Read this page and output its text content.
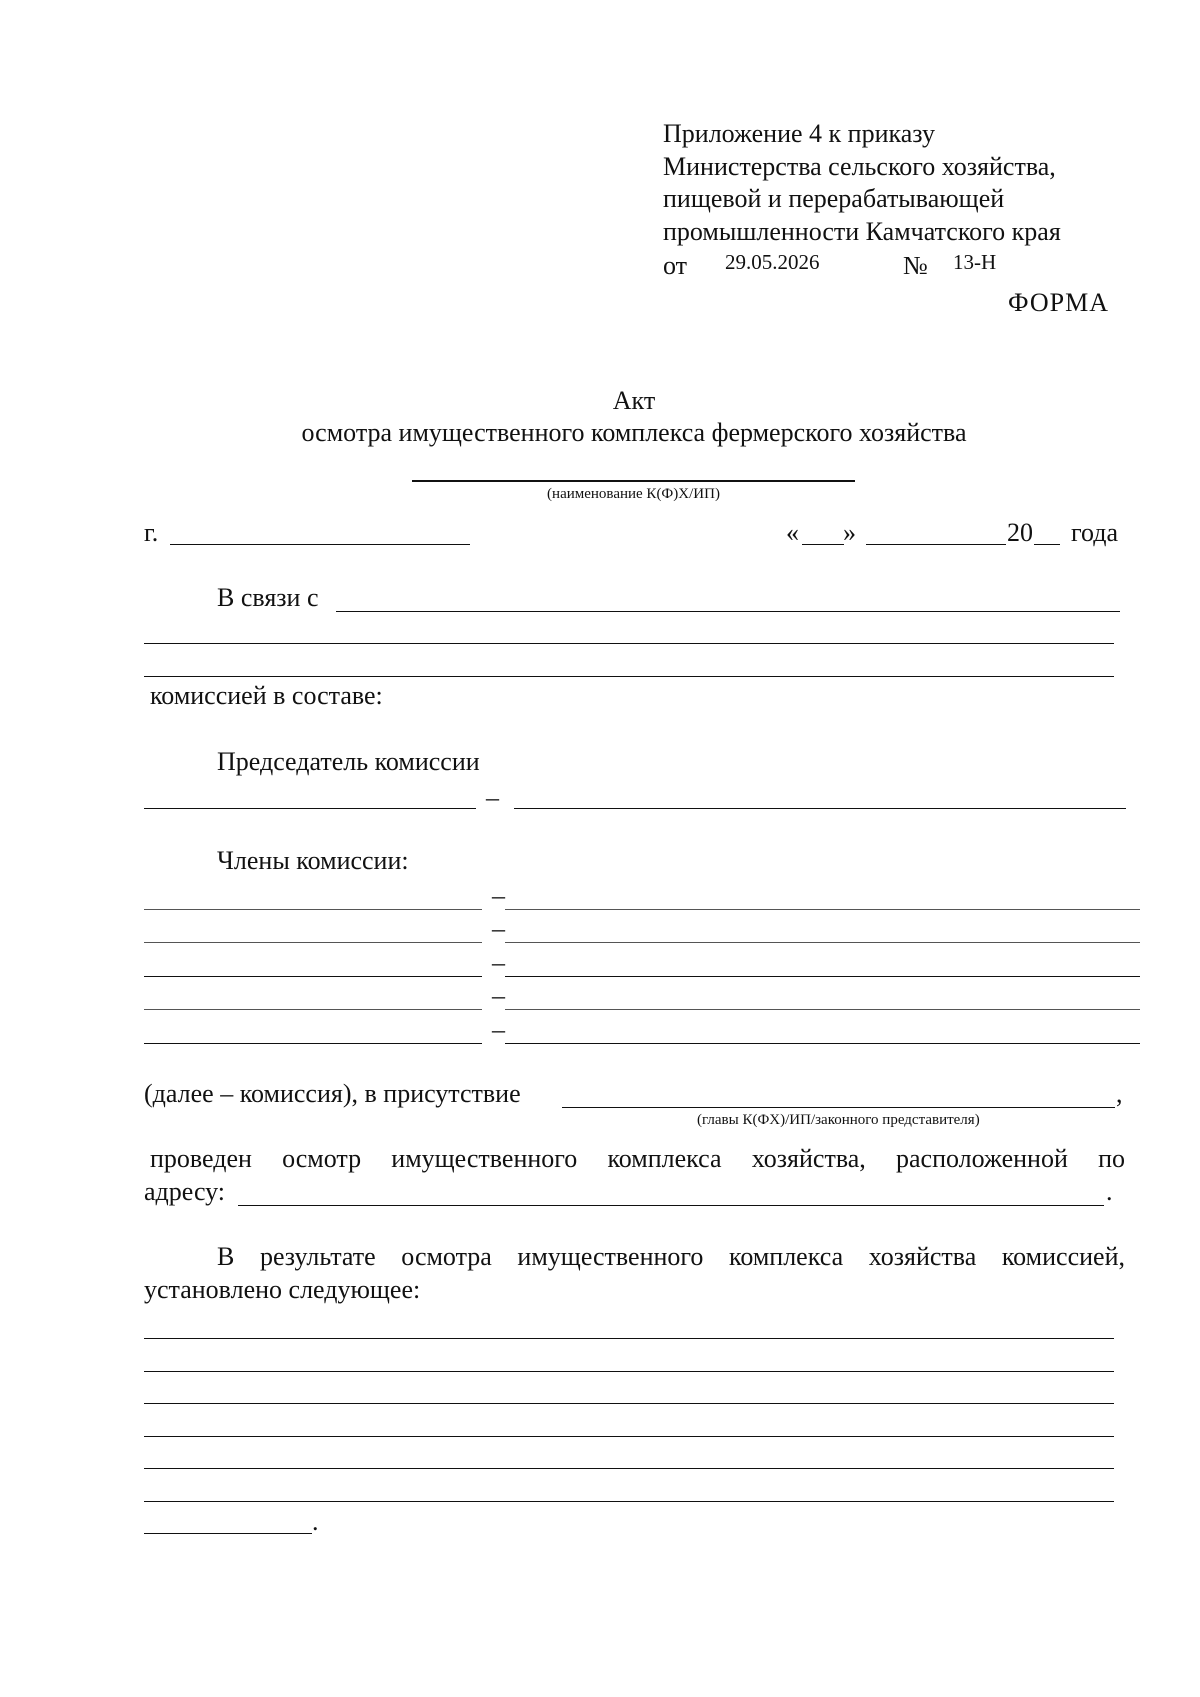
Приложение 4 к приказу
Министерства сельского хозяйства,
пищевой и перерабатывающей
промышленности Камчатского края
от 29.05.2026	№ 13-Н
ФОРМА
Акт
осмотра имущественного комплекса фермерского хозяйства
(наименование К(Ф)Х/ИП)
г.	« »	20 года
В связи с
комиссией в составе:
Председатель комиссии
–
Члены комиссии:
–
–
–
–
–
(далее – комиссия), в присутствие	,
(главы К(ФХ)/ИП/законного представителя)
проведен осмотр имущественного комплекса хозяйства, расположенной по
адресу:	.
В результате осмотра имущественного комплекса хозяйства комиссией,
установлено следующее:
.
